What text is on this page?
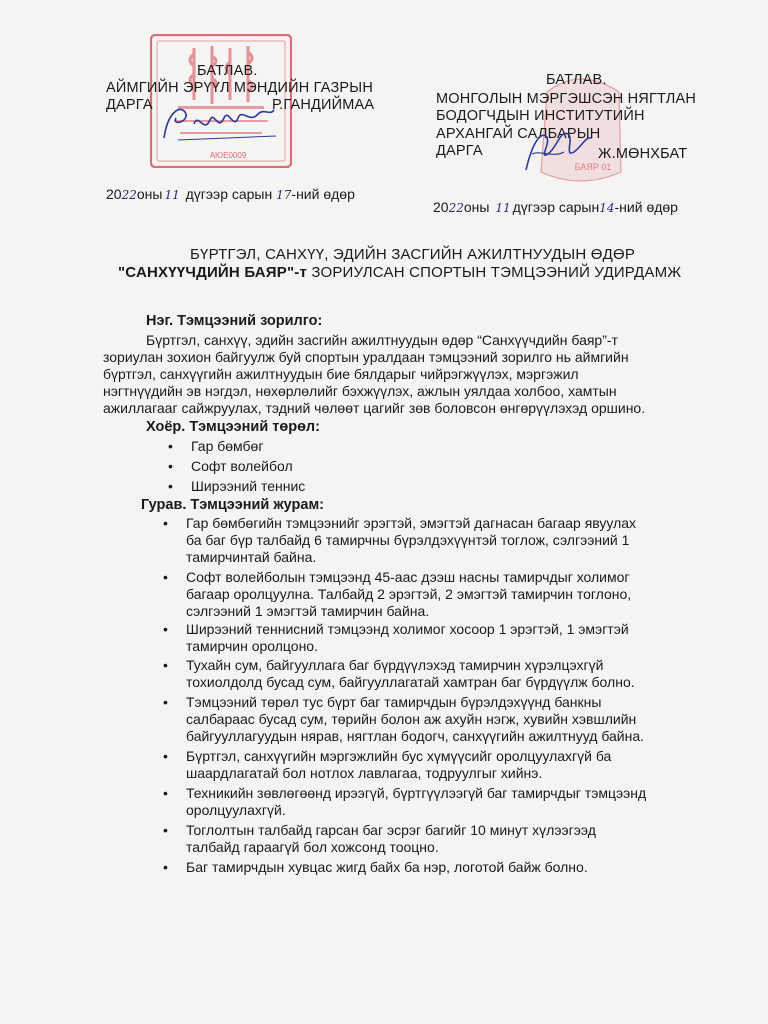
АЮЕ0009
БАЯР 01
БАТЛАВ.
АЙМГИЙН ЭРҮҮЛ МЭНДИЙН ГАЗРЫН
ДАРГА	Р.ГАНДИЙМАА
2022оны 11 дүгээр сарын 17-ний өдөр
БАТЛАВ.
МОНГОЛЫН МЭРГЭШСЭН НЯГТЛАН
БОДОГЧДЫН ИНСТИТУТИЙН
АРХАНГАЙ САЛБАРЫН
ДАРГА	Ж.МӨНХБАТ
2022оны 11 дүгээр сарын14-ний өдөр
БҮРТГЭЛ, САНХҮҮ, ЭДИЙН ЗАСГИЙН АЖИЛТНУУДЫН ӨДӨР
"САНХҮҮЧДИЙН БАЯР"-т ЗОРИУЛСАН СПОРТЫН ТЭМЦЭЭНИЙ УДИРДАМЖ
Нэг. Тэмцээний зорилго:
Бүртгэл, санхүү, эдийн засгийн ажилтнуудын өдөр “Санхүүчдийн баяр”-т
зориулан зохион байгуулж буй спортын уралдаан тэмцээний зорилго нь аймгийн
бүртгэл, санхүүгийн ажилтнуудын бие бялдарыг чийрэгжүүлэх, мэргэжил
нэгтнүүдийн эв нэгдэл, нөхөрлөлийг бэхжүүлэх, ажлын уялдаа холбоо, хамтын
ажиллагааг сайжруулах, тэдний чөлөөт цагийг зөв боловсон өнгөрүүлэхэд оршино.
Хоёр. Тэмцээний төрөл:
• Гар бөмбөг
• Софт волейбол
• Ширээний теннис
Гурав. Тэмцээний журам:
• Гар бөмбөгийн тэмцээнийг эрэгтэй, эмэгтэй дагнасан багаар явуулах
ба баг бүр талбайд 6 тамирчны бүрэлдэхүүнтэй тоглож, сэлгээний 1
тамирчинтай байна.
• Софт волейболын тэмцээнд 45-аас дээш насны тамирчдыг холимог
багаар оролцуулна. Талбайд 2 эрэгтэй, 2 эмэгтэй тамирчин тоглоно,
сэлгээний 1 эмэгтэй тамирчин байна.
• Ширээний теннисний тэмцээнд холимог хосоор 1 эрэгтэй, 1 эмэгтэй
тамирчин оролцоно.
• Тухайн сум, байгууллага баг бүрдүүлэхэд тамирчин хүрэлцэхгүй
тохиолдолд бусад сум, байгууллагатай хамтран баг бүрдүүлж болно.
• Тэмцээний төрөл тус бүрт баг тамирчдын бүрэлдэхүүнд банкны
салбараас бусад сум, төрийн болон аж ахуйн нэгж, хувийн хэвшлийн
байгууллагуудын нярав, нягтлан бодогч, санхүүгийн ажилтнууд байна.
• Бүртгэл, санхүүгийн мэргэжлийн бус хүмүүсийг оролцуулахгүй ба
шаардлагатай бол нотлох лавлагаа, тодруулгыг хийнэ.
• Техникийн зөвлөгөөнд ирээгүй, бүртгүүлээгүй баг тамирчдыг тэмцээнд
оролцуулахгүй.
• Тоглолтын талбайд гарсан баг эсрэг багийг 10 минут хүлээгээд
талбайд гараагүй бол хожсонд тооцно.
• Баг тамирчдын хувцас жигд байх ба нэр, логотой байж болно.
